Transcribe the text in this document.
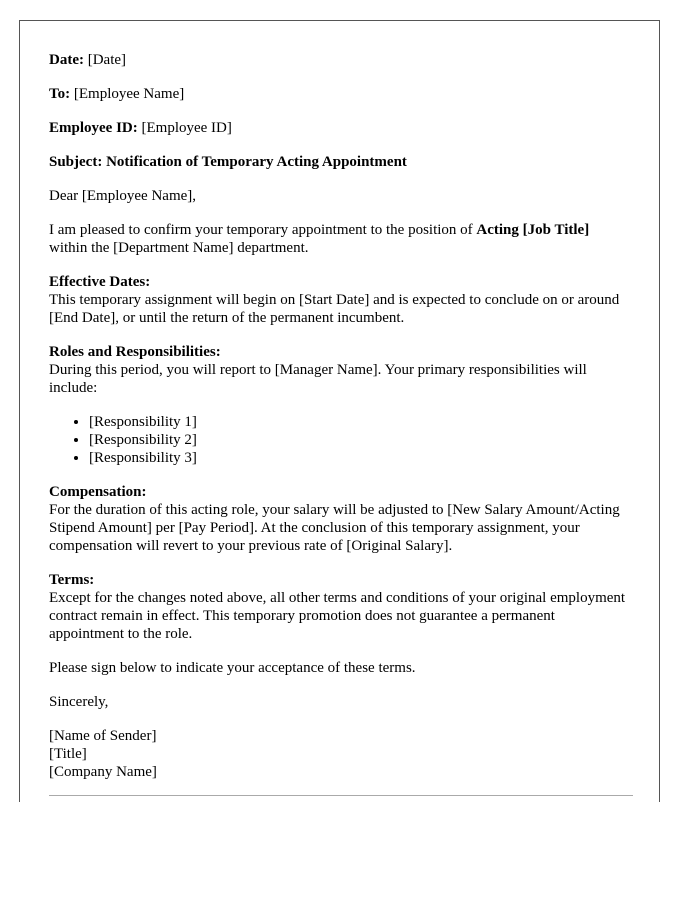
Date: [Date]

To: [Employee Name]

Employee ID: [Employee ID]

Subject: Notification of Temporary Acting Appointment

Dear [Employee Name],

I am pleased to confirm your temporary appointment to the position of Acting [Job Title] within the [Department Name] department.

Effective Dates:
This temporary assignment will begin on [Start Date] and is expected to conclude on or around [End Date], or until the return of the permanent incumbent.

Roles and Responsibilities:
During this period, you will report to [Manager Name]. Your primary responsibilities will include:

• [Responsibility 1]
• [Responsibility 2]
• [Responsibility 3]

Compensation:
For the duration of this acting role, your salary will be adjusted to [New Salary Amount/Acting Stipend Amount] per [Pay Period]. At the conclusion of this temporary assignment, your compensation will revert to your previous rate of [Original Salary].

Terms:
Except for the changes noted above, all other terms and conditions of your original employment contract remain in effect. This temporary promotion does not guarantee a permanent appointment to the role.

Please sign below to indicate your acceptance of these terms.

Sincerely,

[Name of Sender]
[Title]
[Company Name]
